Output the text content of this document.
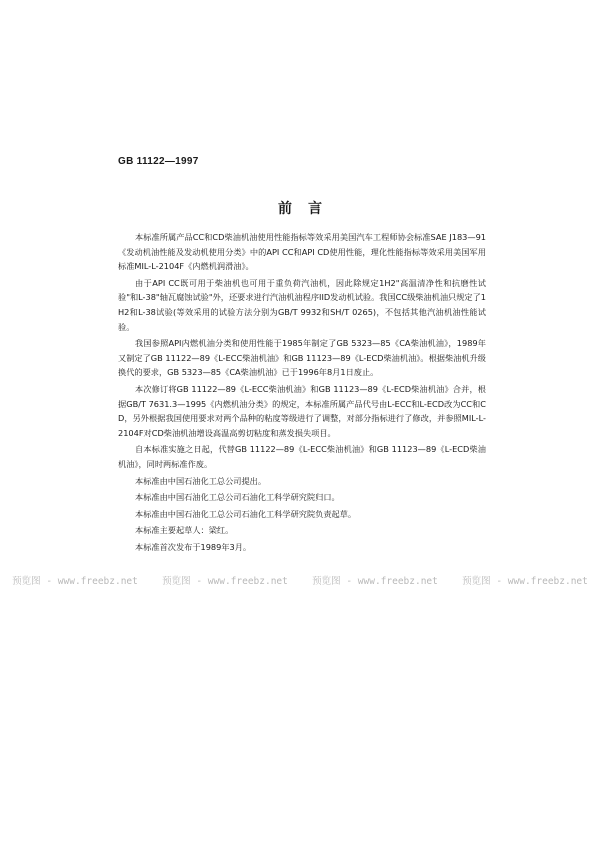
GB 11122—1997
前言

本标准所属产品CC和CD柴油机油使用性能指标等效采用美国汽车工程师协会标准SAE J183—91《发动机油性能及发动机使用分类》中的API CC和API CD使用性能，理化性能指标等效采用美国军用标准MIL-L-2104F《内燃机润滑油》。

由于API CC既可用于柴油机也可用于重负荷汽油机，因此除规定1H2"高温清净性和抗磨性试验"和L-38"轴瓦腐蚀试验"外，还要求进行汽油机油程序IID发动机试验。我国CC级柴油机油只规定了1H2和L-38试验(等效采用的试验方法分别为GB/T 9932和SH/T 0265)，不包括其他汽油机油性能试验。

我国参照API内燃机油分类和使用性能于1985年制定了GB 5323—85《CA柴油机油》，1989年又制定了GB 11122—89《L-ECC柴油机油》和GB 11123—89《L-ECD柴油机油》。根据柴油机升级换代的要求，GB 5323—85《CA柴油机油》已于1996年8月1日废止。

本次修订将GB 11122—89《L-ECC柴油机油》和GB 11123—89《L-ECD柴油机油》合并，根据GB/T 7631.3—1995《内燃机油分类》的规定，本标准所属产品代号由L-ECC和L-ECD改为CC和CD，另外根据我国使用要求对两个品种的粘度等级进行了调整，对部分指标进行了修改，并参照MIL-L-2104F对CD柴油机油增设高温高剪切粘度和蒸发损失项目。

自本标准实施之日起，代替GB 11122—89《L-ECC柴油机油》和GB 11123—89《L-ECD柴油机油》，同时两标准作废。

本标准由中国石油化工总公司提出。

本标准由中国石油化工总公司石油化工科学研究院归口。

本标准由中国石油化工总公司石油化工科学研究院负责起草。

本标准主要起草人：梁红。

本标准首次发布于1989年3月。

预览图 - www.freebz.net	预览图 - www.freebz.net	预览图 - www.freebz.net	预览图 - www.freebz.net
